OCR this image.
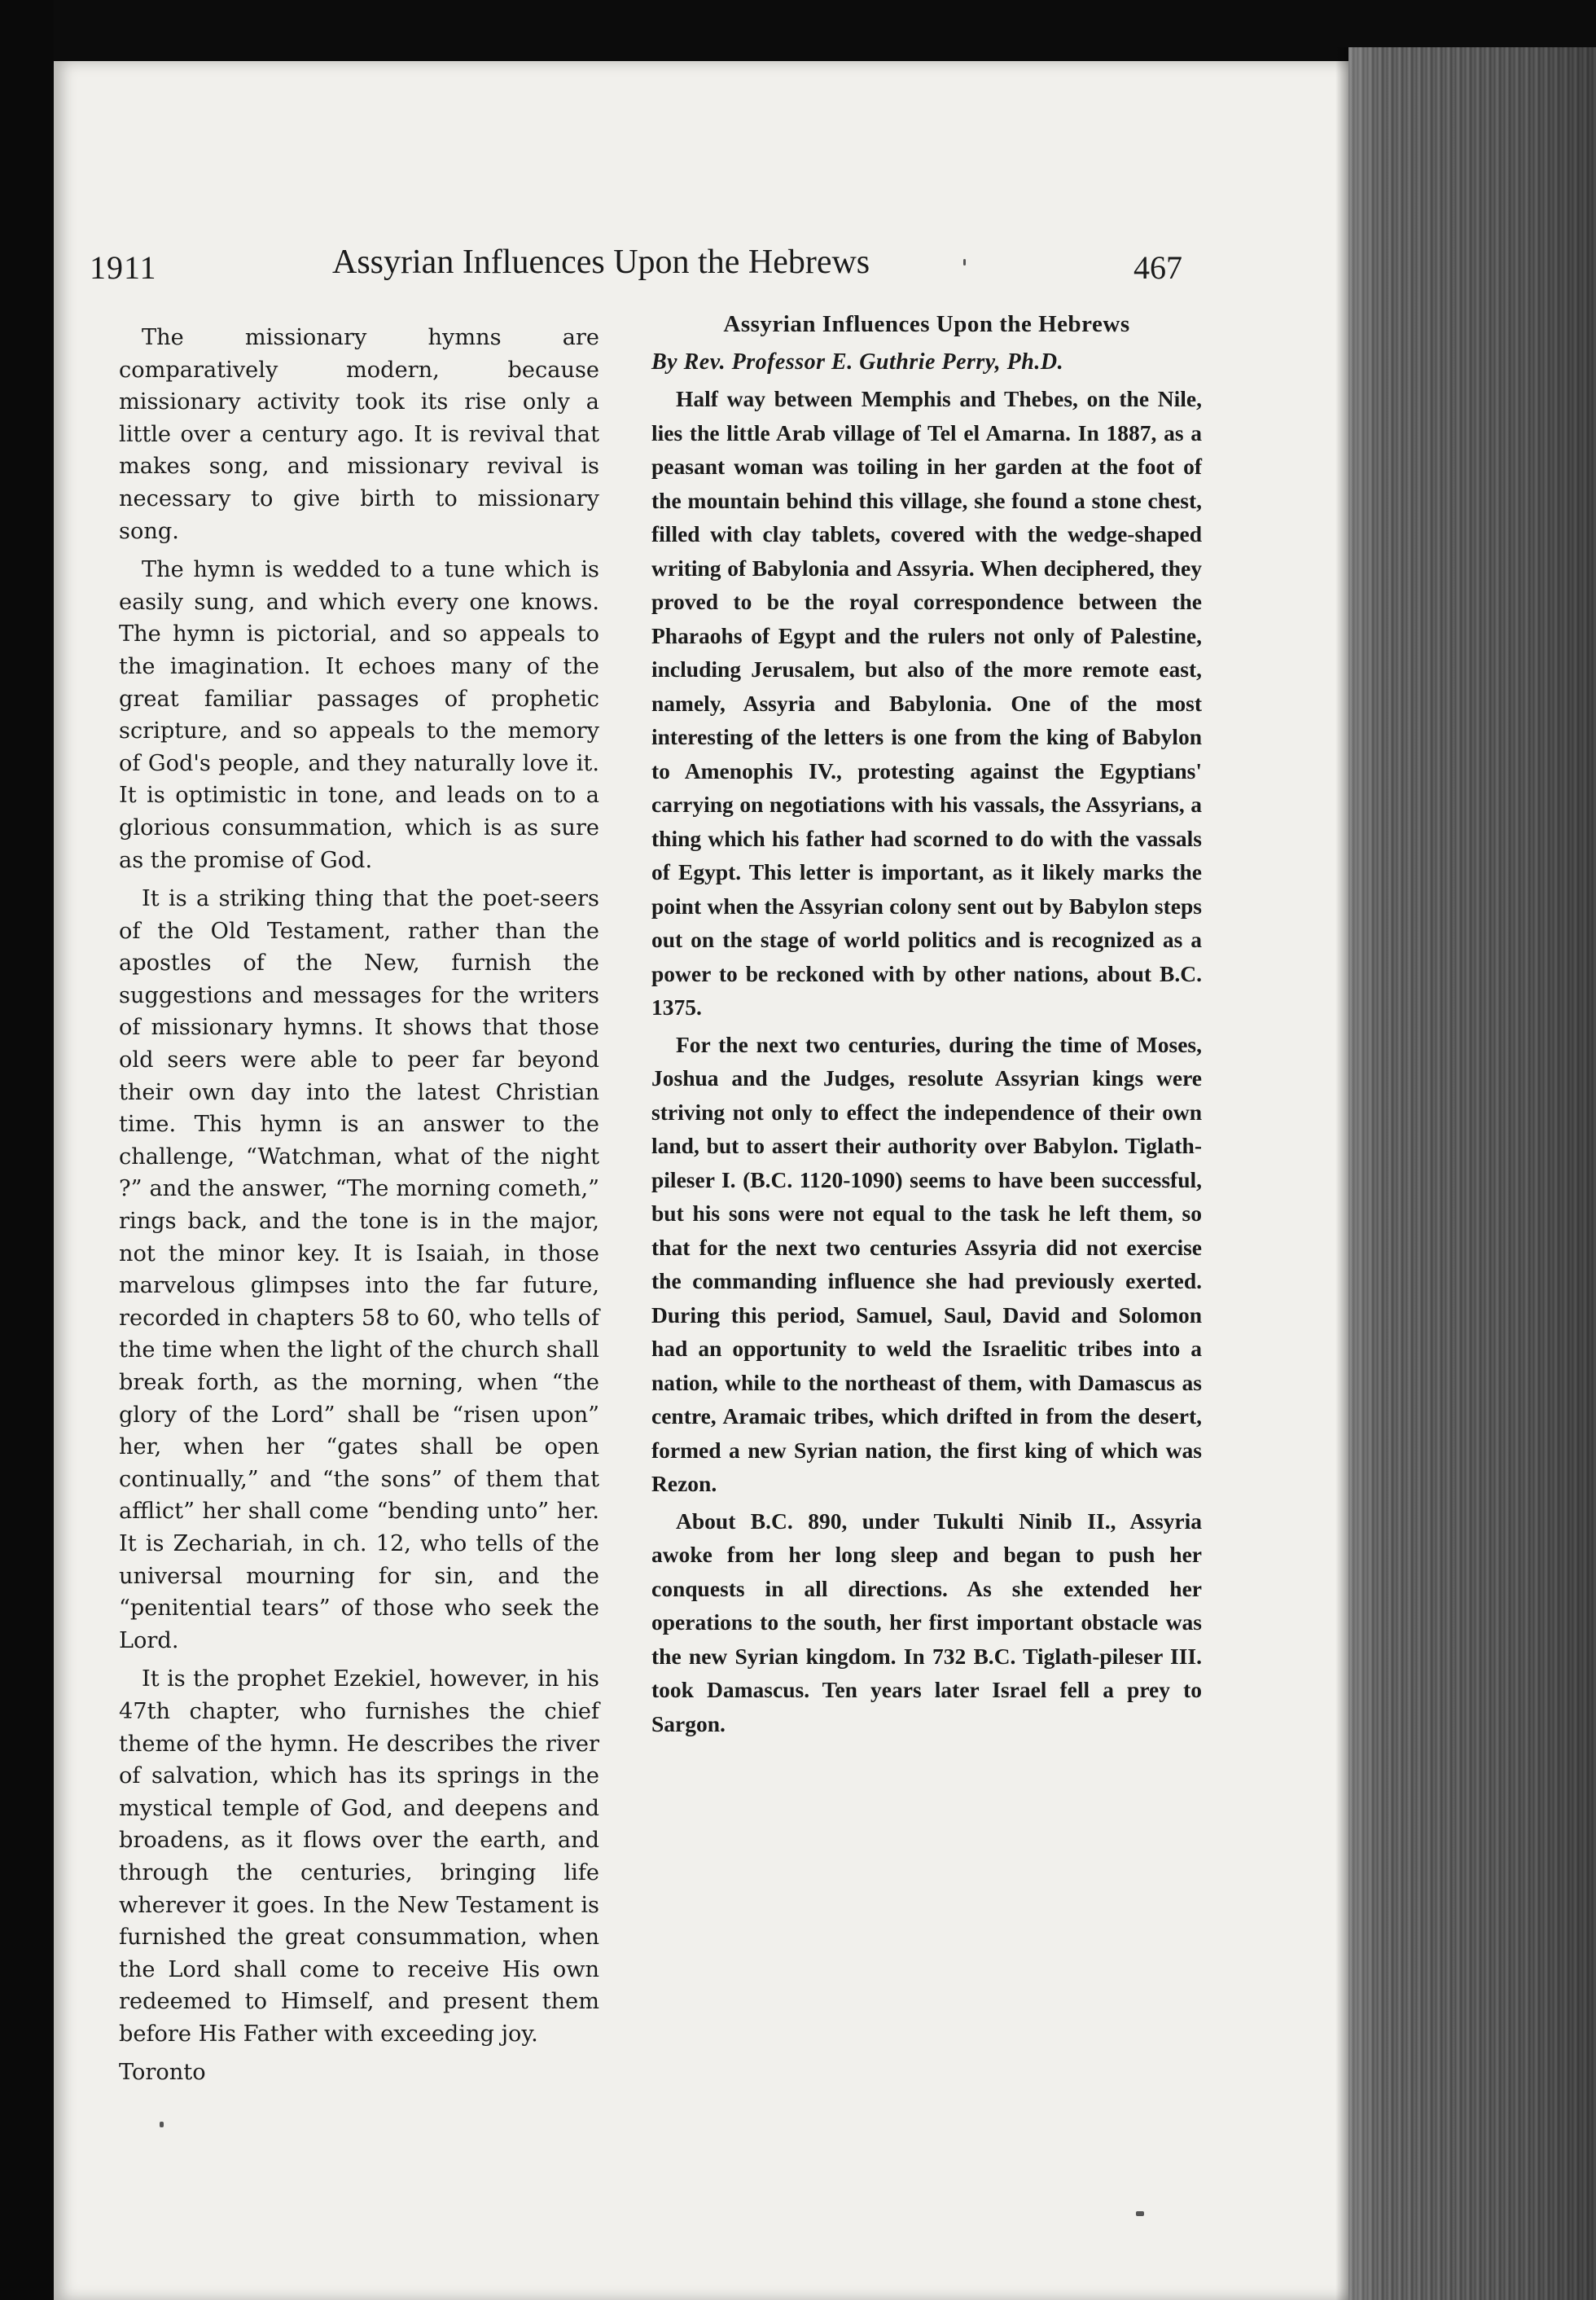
1911	Assyrian Influences Upon the Hebrews	467

The missionary hymns are comparatively modern, because missionary activity took its rise only a little over a century ago. It is revival that makes song, and missionary revival is necessary to give birth to missionary song.

The hymn is wedded to a tune which is easily sung, and which every one knows. The hymn is pictorial, and so appeals to the imagination. It echoes many of the great familiar passages of prophetic scripture, and so appeals to the memory of God's people, and they naturally love it. It is optimistic in tone, and leads on to a glorious consummation, which is as sure as the promise of God.

It is a striking thing that the poet-seers of the Old Testament, rather than the apostles of the New, furnish the suggestions and messages for the writers of missionary hymns. It shows that those old seers were able to peer far beyond their own day into the latest Christian time. This hymn is an answer to the challenge, “Watchman, what of the night ?” and the answer, “The morning cometh,” rings back, and the tone is in the major, not the minor key. It is Isaiah, in those marvelous glimpses into the far future, recorded in chapters 58 to 60, who tells of the time when the light of the church shall break forth, as the morning, when “the glory of the Lord” shall be “risen upon” her, when her “gates shall be open continually,” and “the sons” of them that afflict” her shall come “bending unto” her. It is Zechariah, in ch. 12, who tells of the universal mourning for sin, and the “penitential tears” of those who seek the Lord.

It is the prophet Ezekiel, however, in his 47th chapter, who furnishes the chief theme of the hymn. He describes the river of salvation, which has its springs in the mystical temple of God, and deepens and broadens, as it flows over the earth, and through the centuries, bringing life wherever it goes. In the New Testament is furnished the great consummation, when the Lord shall come to receive His own redeemed to Himself, and present them before His Father with exceeding joy.

Toronto

Assyrian Influences Upon the Hebrews

By Rev. Professor E. Guthrie Perry, Ph.D.

Half way between Memphis and Thebes, on the Nile, lies the little Arab village of Tel el Amarna. In 1887, as a peasant woman was toiling in her garden at the foot of the mountain behind this village, she found a stone chest, filled with clay tablets, covered with the wedge-shaped writing of Babylonia and Assyria. When deciphered, they proved to be the royal correspondence between the Pharaohs of Egypt and the rulers not only of Palestine, including Jerusalem, but also of the more remote east, namely, Assyria and Babylonia. One of the most interesting of the letters is one from the king of Babylon to Amenophis IV., protesting against the Egyptians' carrying on negotiations with his vassals, the Assyrians, a thing which his father had scorned to do with the vassals of Egypt. This letter is important, as it likely marks the point when the Assyrian colony sent out by Babylon steps out on the stage of world politics and is recognized as a power to be reckoned with by other nations, about B.C. 1375.

For the next two centuries, during the time of Moses, Joshua and the Judges, resolute Assyrian kings were striving not only to effect the independence of their own land, but to assert their authority over Babylon. Tiglath-pileser I. (B.C. 1120-1090) seems to have been successful, but his sons were not equal to the task he left them, so that for the next two centuries Assyria did not exercise the commanding influence she had previously exerted. During this period, Samuel, Saul, David and Solomon had an opportunity to weld the Israelitic tribes into a nation, while to the northeast of them, with Damascus as centre, Aramaic tribes, which drifted in from the desert, formed a new Syrian nation, the first king of which was Rezon.

About B.C. 890, under Tukulti Ninib II., Assyria awoke from her long sleep and began to push her conquests in all directions. As she extended her operations to the south, her first important obstacle was the new Syrian kingdom. In 732 B.C. Tiglath-pileser III. took Damascus. Ten years later Israel fell a prey to Sargon.
